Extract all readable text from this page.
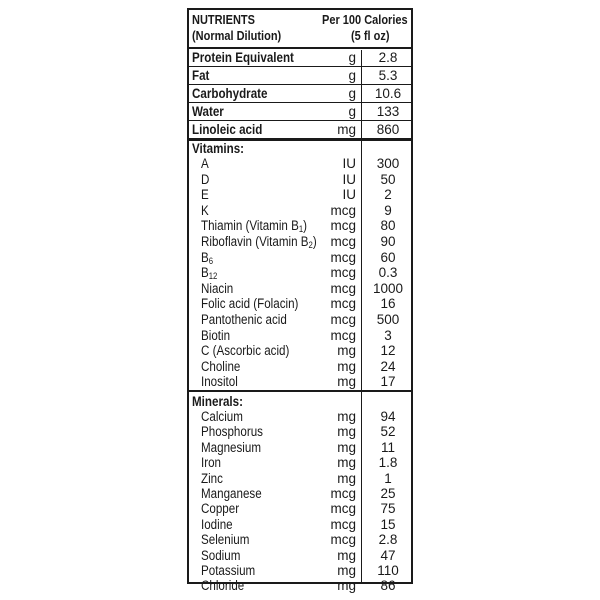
NUTRIENTS
(Normal Dilution)
Per 100 Calories
(5 fl oz)
Protein Equivalent	g	2.8
Fat	g	5.3
Carbohydrate	g	10.6
Water	g	133
Linoleic acid	mg	860
Vitamins:
A	IU	300
D	IU	50
E	IU	2
K	mcg	9
Thiamin (Vitamin $B_1$)	mcg	80
Riboflavin (Vitamin $B_2$)	mcg	90
$B_6$	mcg	60
$B_{12}$	mcg	0.3
Niacin	mcg	1000
Folic acid (Folacin)	mcg	16
Pantothenic acid	mcg	500
Biotin	mcg	3
C (Ascorbic acid)	mg	12
Choline	mg	24
Inositol	mg	17
Minerals:
Calcium	mg	94
Phosphorus	mg	52
Magnesium	mg	11
Iron	mg	1.8
Zinc	mg	1
Manganese	mcg	25
Copper	mcg	75
Iodine	mcg	15
Selenium	mcg	2.8
Sodium	mg	47
Potassium	mg	110
Chloride	mg	86
